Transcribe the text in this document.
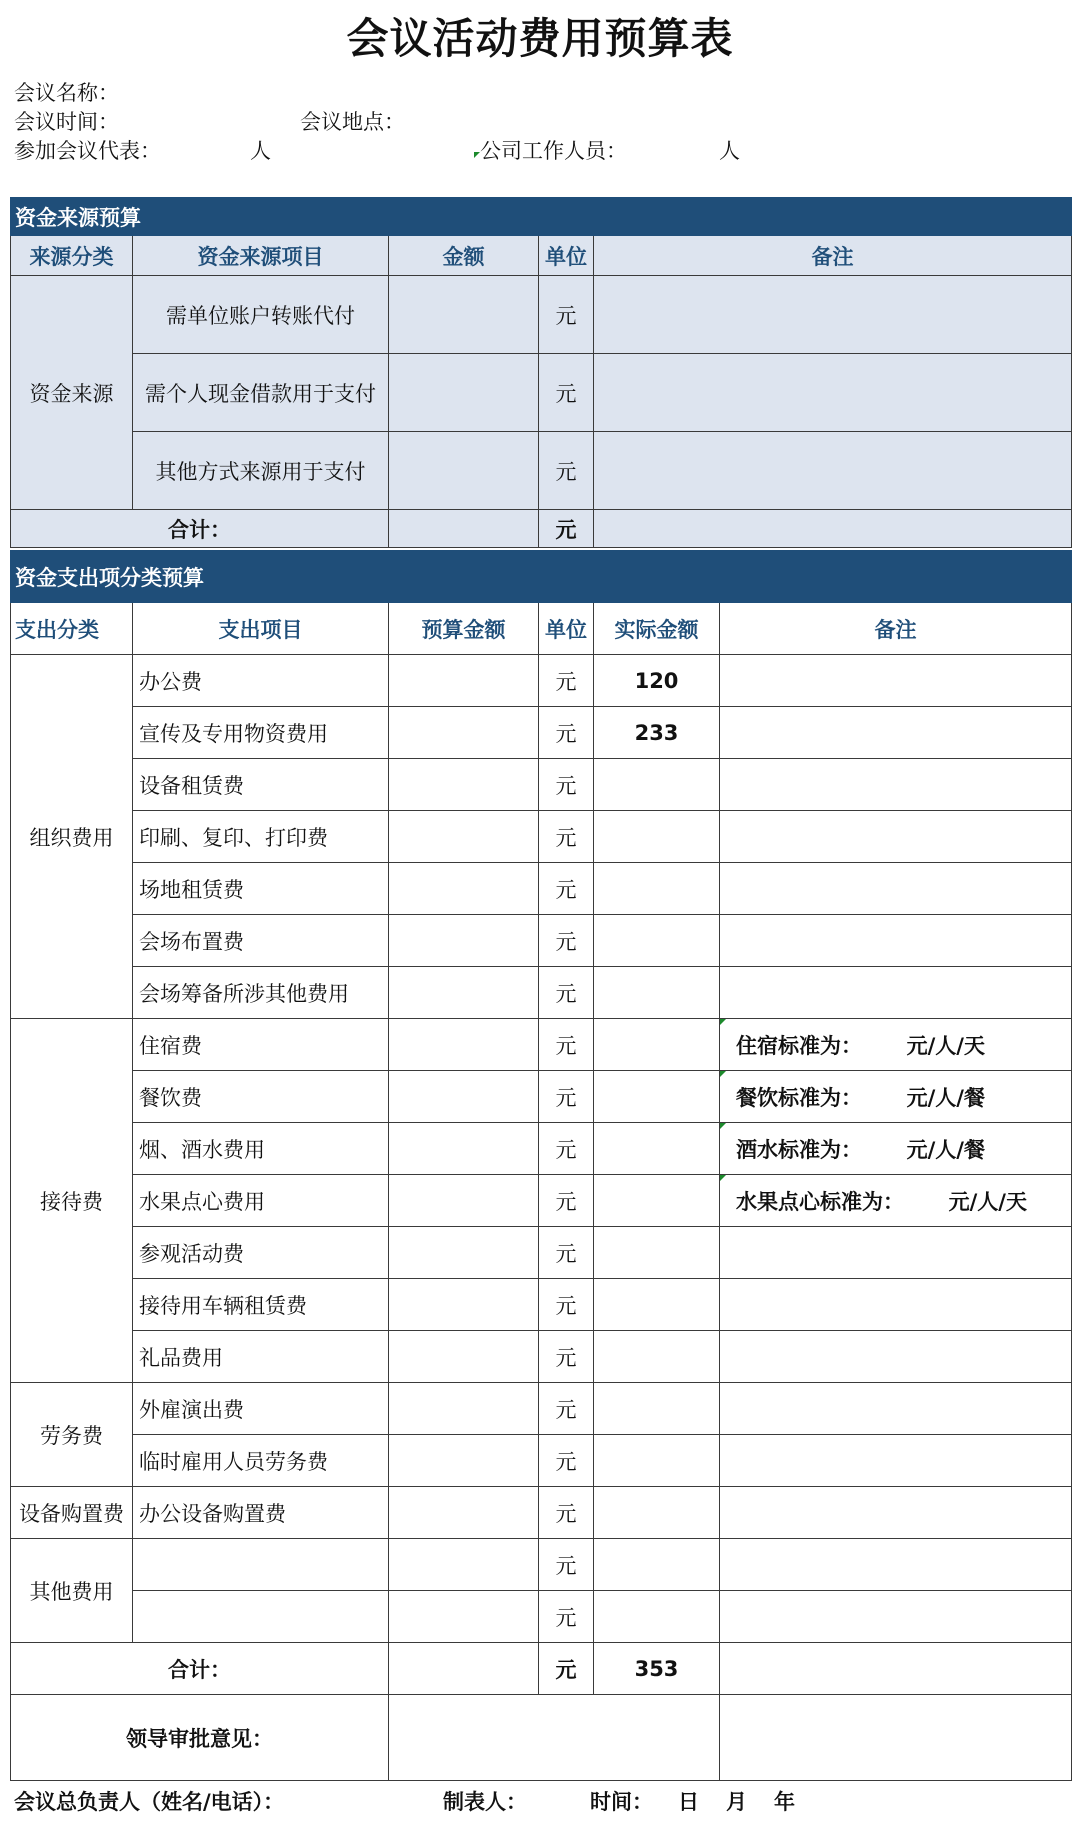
会议活动费用预算表
会议名称：
会议时间：	会议地点：
参加会议代表：	人	公司工作人员：	人
资金来源预算				
来源分类	资金来源项目	金额	单位	备注
资金来源	需单位账户转账代付		元	
	需个人现金借款用于支付		元	
	其他方式来源用于支付		元	
合计：			元	
资金支出项分类预算					
支出分类	支出项目	预算金额	单位	实际金额	备注
组织费用	办公费		元	120	
	宣传及专用物资费用		元	233	
	设备租赁费		元		
	印刷、复印、打印费		元		
	场地租赁费		元		
	会场布置费		元		
	会场筹备所涉其他费用		元		
接待费	住宿费		元		住宿标准为： 元/人/天
	餐饮费		元		餐饮标准为： 元/人/餐
	烟、酒水费用		元		酒水标准为： 元/人/餐
	水果点心费用		元		水果点心标准为： 元/人/天
	参观活动费		元		
	接待用车辆租赁费		元		
	礼品费用		元		
劳务费	外雇演出费		元		
	临时雇用人员劳务费		元		
设备购置费	办公设备购置费		元		
其他费用			元		
			元		
合计：			元	353	
领导审批意见：					
会议总负责人（姓名/电话）：	制表人：	时间： 日 月 年
